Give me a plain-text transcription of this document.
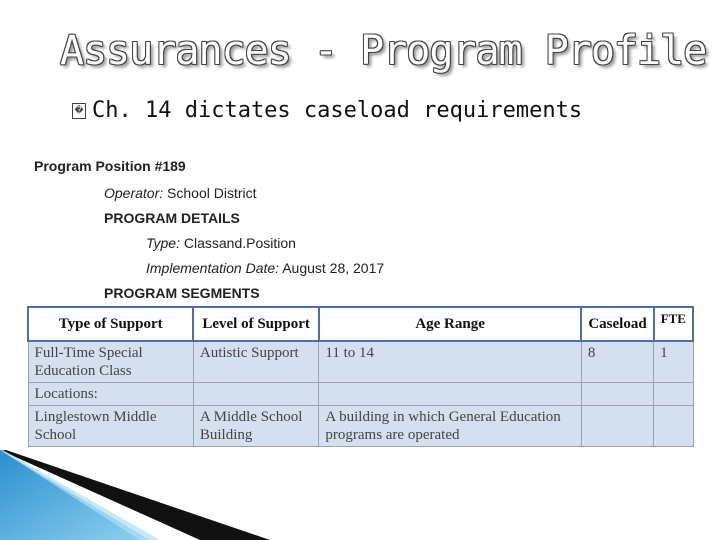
Assurances - Program Profile
� Ch. 14 dictates caseload requirements
Program Position #189
Operator: School District
PROGRAM DETAILS
Type: Classand.Position
Implementation Date: August 28, 2017
PROGRAM SEGMENTS
Type of Support	Level of Support	Age Range	Caseload	FTE
Full-Time Special Education Class	Autistic Support	11 to 14	8	1
Locations:				
Linglestown Middle School	A Middle School Building	A building in which General Education programs are operated		
